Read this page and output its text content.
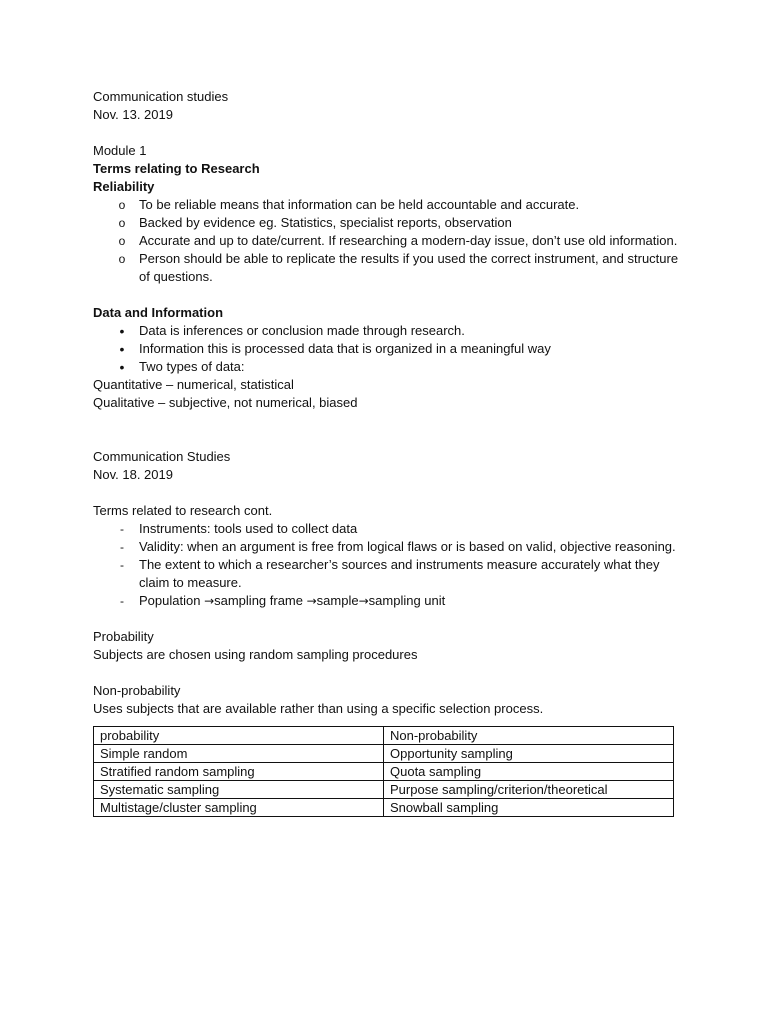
Communication studies
Nov. 13. 2019
Module 1
Terms relating to Research
Reliability
o To be reliable means that information can be held accountable and accurate.
o Backed by evidence eg. Statistics, specialist reports, observation
o Accurate and up to date/current. If researching a modern-day issue, don’t use old information.
o Person should be able to replicate the results if you used the correct instrument, and structure of questions.
Data and Information
•	Data is inferences or conclusion made through research.
•	Information this is processed data that is organized in a meaningful way
•	Two types of data:
Quantitative – numerical, statistical
Qualitative – subjective, not numerical, biased
Communication Studies
Nov. 18. 2019
Terms related to research cont.
-	Instruments: tools used to collect data
-	Validity: when an argument is free from logical flaws or is based on valid, objective reasoning.
-	The extent to which a researcher’s sources and instruments measure accurately what they claim to measure.
-	Population →sampling frame →sample→sampling unit
Probability
Subjects are chosen using random sampling procedures
Non-probability
Uses subjects that are available rather than using a specific selection process.
probability	Non-probability
Simple random	Opportunity sampling
Stratified random sampling	Quota sampling
Systematic sampling	Purpose sampling/criterion/theoretical
Multistage/cluster sampling	Snowball sampling
